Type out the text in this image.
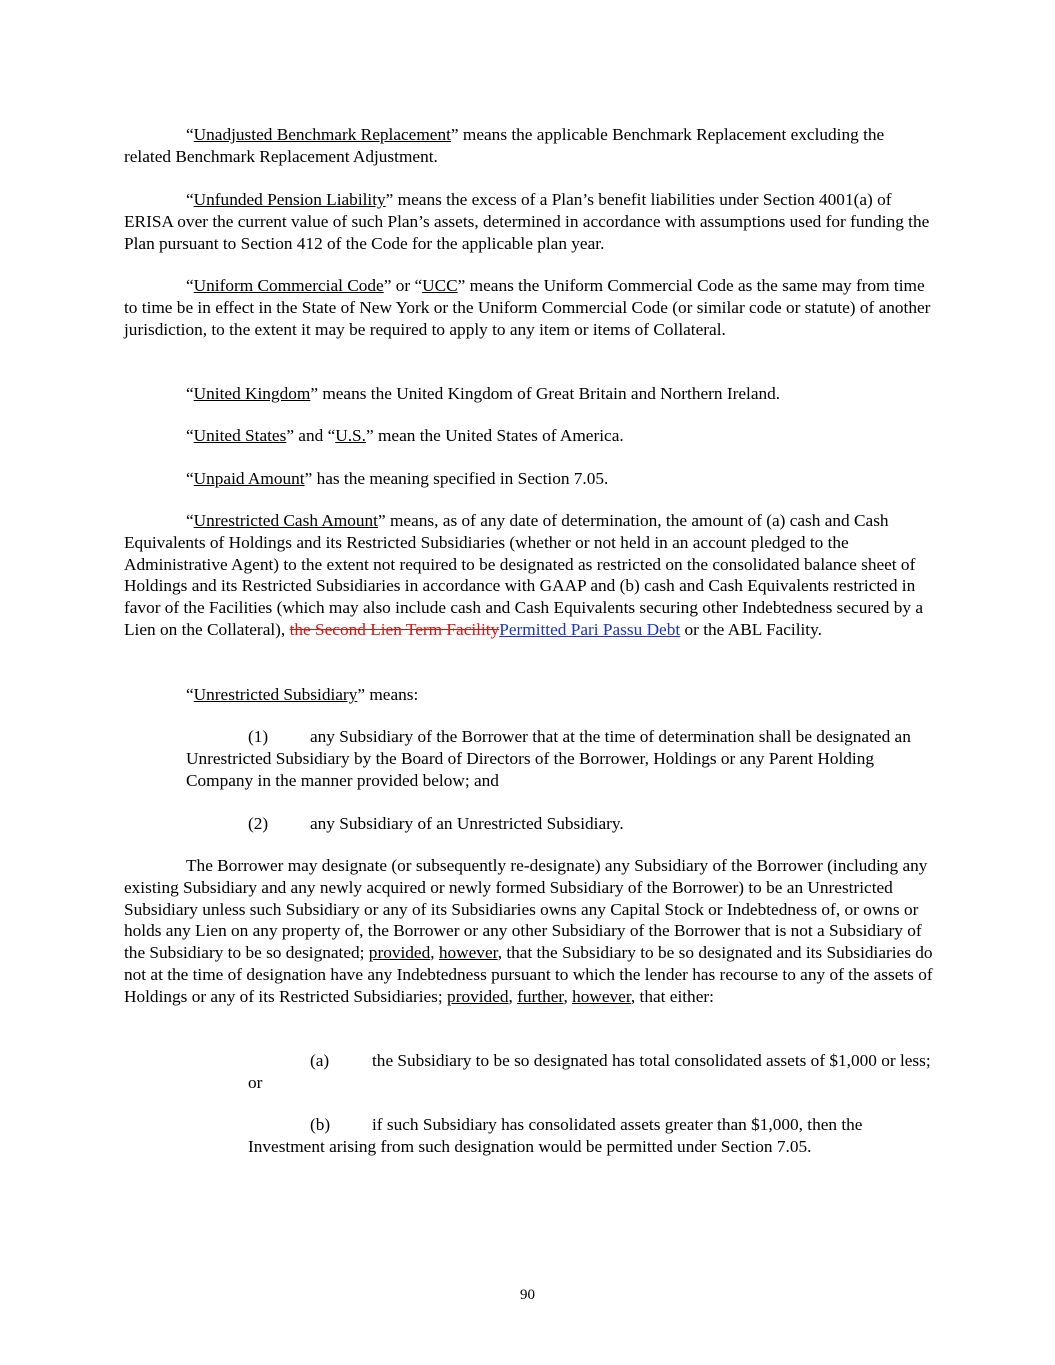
“Unadjusted Benchmark Replacement” means the applicable Benchmark Replacement excluding the related Benchmark Replacement Adjustment.

“Unfunded Pension Liability” means the excess of a Plan’s benefit liabilities under Section 4001(a) of ERISA over the current value of such Plan’s assets, determined in accordance with assumptions used for funding the Plan pursuant to Section 412 of the Code for the applicable plan year.

“Uniform Commercial Code” or “UCC” means the Uniform Commercial Code as the same may from time to time be in effect in the State of New York or the Uniform Commercial Code (or similar code or statute) of another jurisdiction, to the extent it may be required to apply to any item or items of Collateral.

“United Kingdom” means the United Kingdom of Great Britain and Northern Ireland.

“United States” and “U.S.” mean the United States of America.

“Unpaid Amount” has the meaning specified in Section 7.05.

“Unrestricted Cash Amount” means, as of any date of determination, the amount of (a) cash and Cash Equivalents of Holdings and its Restricted Subsidiaries (whether or not held in an account pledged to the Administrative Agent) to the extent not required to be designated as restricted on the consolidated balance sheet of Holdings and its Restricted Subsidiaries in accordance with GAAP and (b) cash and Cash Equivalents restricted in favor of the Facilities (which may also include cash and Cash Equivalents securing other Indebtedness secured by a Lien on the Collateral), the Second Lien Term FacilityPermitted Pari Passu Debt or the ABL Facility.

“Unrestricted Subsidiary” means:

(1) any Subsidiary of the Borrower that at the time of determination shall be designated an Unrestricted Subsidiary by the Board of Directors of the Borrower, Holdings or any Parent Holding Company in the manner provided below; and

(2) any Subsidiary of an Unrestricted Subsidiary.

The Borrower may designate (or subsequently re-designate) any Subsidiary of the Borrower (including any existing Subsidiary and any newly acquired or newly formed Subsidiary of the Borrower) to be an Unrestricted Subsidiary unless such Subsidiary or any of its Subsidiaries owns any Capital Stock or Indebtedness of, or owns or holds any Lien on any property of, the Borrower or any other Subsidiary of the Borrower that is not a Subsidiary of the Subsidiary to be so designated; provided, however, that the Subsidiary to be so designated and its Subsidiaries do not at the time of designation have any Indebtedness pursuant to which the lender has recourse to any of the assets of Holdings or any of its Restricted Subsidiaries; provided, further, however, that either:

(a) the Subsidiary to be so designated has total consolidated assets of $1,000 or less; or

(b) if such Subsidiary has consolidated assets greater than $1,000, then the Investment arising from such designation would be permitted under Section 7.05.

90
